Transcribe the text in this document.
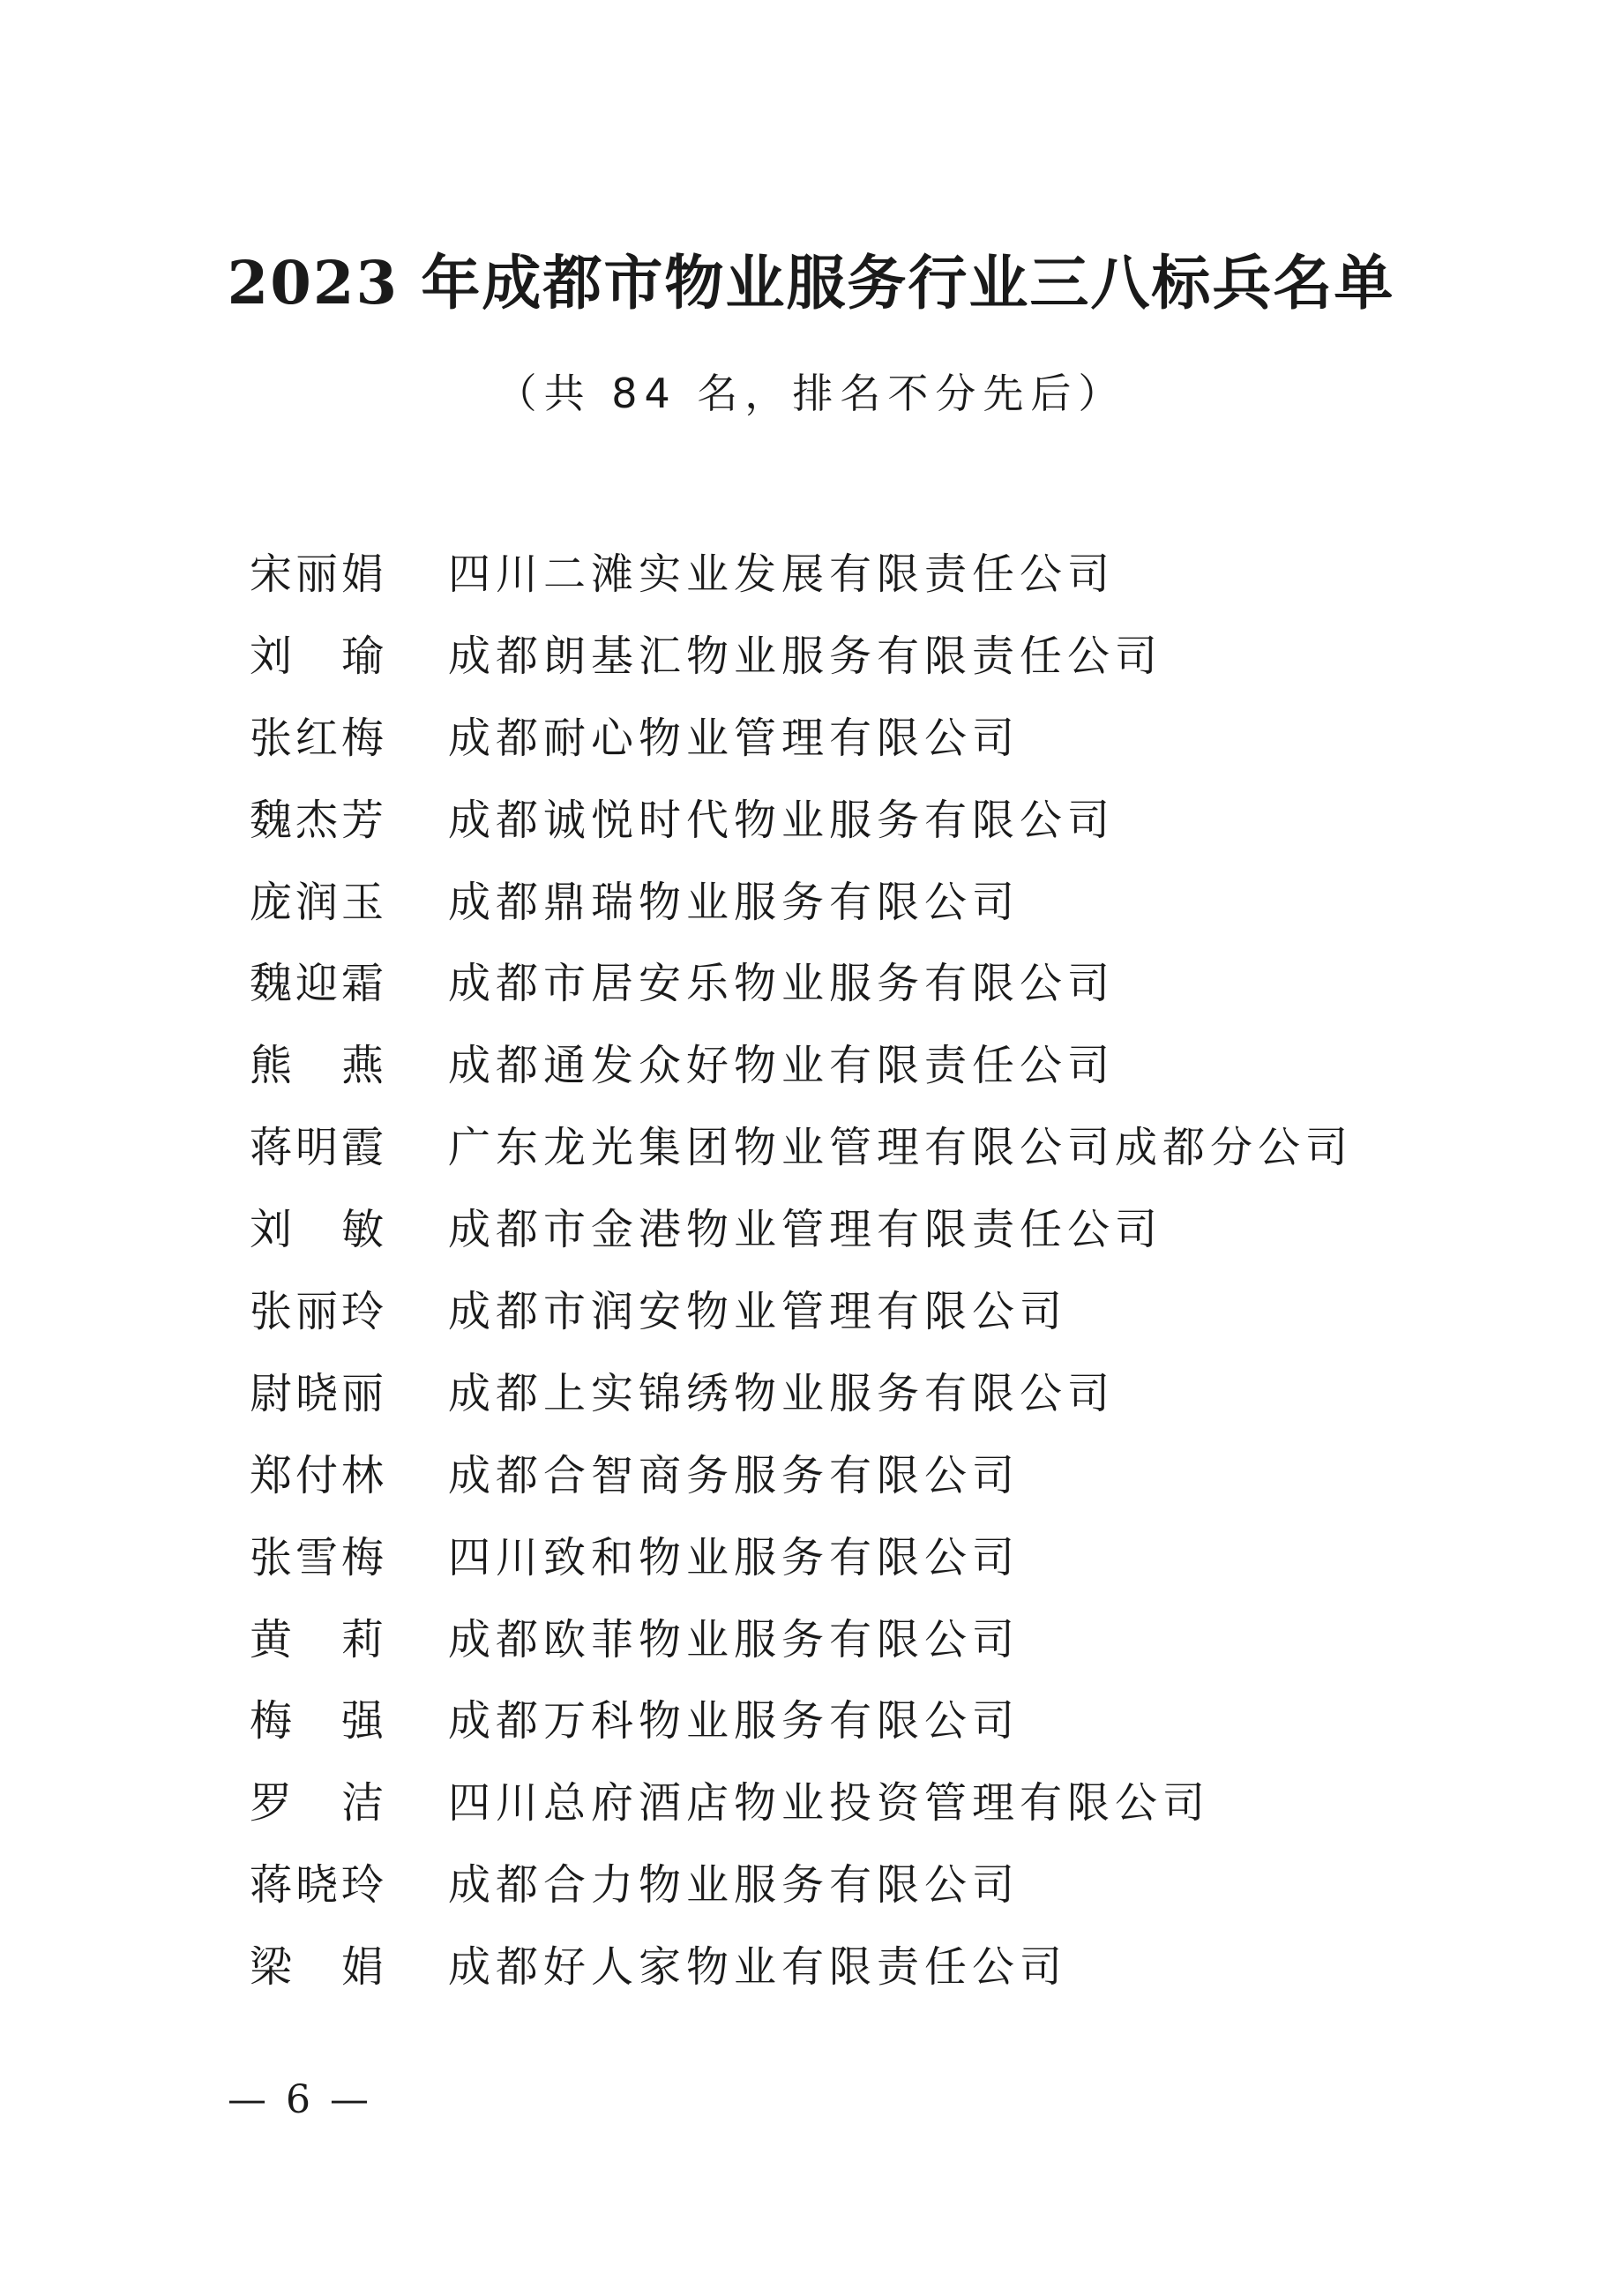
2023 年成都市物业服务行业三八标兵名单
（共 84 名，排名不分先后）
宋丽娟	四川二滩实业发展有限责任公司
刘　瑜	成都朗基汇物业服务有限责任公司
张红梅	成都耐心物业管理有限公司
魏杰芳	成都诚悦时代物业服务有限公司
庞润玉	成都鼎瑞物业服务有限公司
魏迎霜	成都市居安乐物业服务有限公司
熊　燕	成都通发众好物业有限责任公司
蒋明霞	广东龙光集团物业管理有限公司成都分公司
刘　敏	成都市金港物业管理有限责任公司
张丽玲	成都市润安物业管理有限公司
尉晓丽	成都上实锦绣物业服务有限公司
郑付林	成都合智商务服务有限公司
张雪梅	四川致和物业服务有限公司
黄　莉	成都欧菲物业服务有限公司
梅　强	成都万科物业服务有限公司
罗　洁	四川总府酒店物业投资管理有限公司
蒋晓玲	成都合力物业服务有限公司
梁　娟	成都好人家物业有限责任公司
— 6 —
